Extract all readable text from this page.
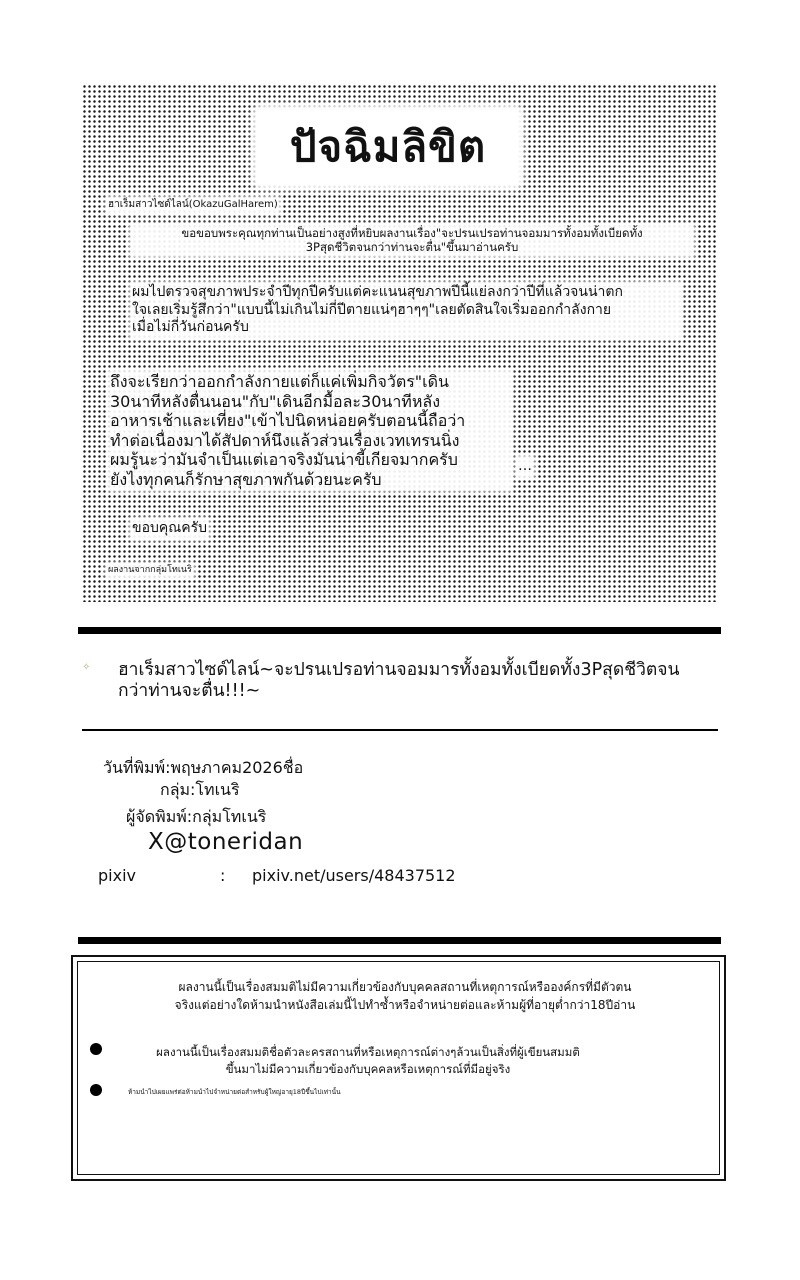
ปัจฉิมลิขิต
ฮาเร็มสาวไซด์ไลน์(OkazuGalHarem)
ขอขอบพระคุณทุกท่านเป็นอย่างสูงที่หยิบผลงานเรื่อง"จะปรนเปรอท่านจอมมารทั้งอมทั้งเบียดทั้ง
3Pสุดชีวิตจนกว่าท่านจะตื่น"ขึ้นมาอ่านครับ
ผมไปตรวจสุขภาพประจำปีทุกปีครับแต่คะแนนสุขภาพปีนี้แย่ลงกว่าปีที่แล้วจนน่าตก
ใจเลยเริ่มรู้สึกว่า"แบบนี้ไม่เกินไม่กี่ปีตายแน่ๆฮาๆๆ"เลยตัดสินใจเริ่มออกกำลังกาย
เมื่อไม่กี่วันก่อนครับ
ถึงจะเรียกว่าออกกำลังกายแต่ก็แค่เพิ่มกิจวัตร"เดิน
30นาทีหลังตื่นนอน"กับ"เดินอีกมื้อละ30นาทีหลัง
อาหารเช้าและเที่ยง"เข้าไปนิดหน่อยครับตอนนี้ถือว่า
ทำต่อเนื่องมาได้สัปดาห์นึงแล้วส่วนเรื่องเวทเทรนนิ่ง
ผมรู้นะว่ามันจำเป็นแต่เอาจริงมันน่าขี้เกียจมากครับ
ยังไงทุกคนก็รักษาสุขภาพกันด้วยนะครับ
…
ขอบคุณครับ
ผลงานจากกลุ่มโทเนริ
✧ ฮาเร็มสาวไซด์ไลน์~จะปรนเปรอท่านจอมมารทั้งอมทั้งเบียดทั้ง3Pสุดชีวิตจน
กว่าท่านจะตื่น!!!~
วันที่พิมพ์:พฤษภาคม2026ชื่อ
กลุ่ม:โทเนริ
ผู้จัดพิมพ์:กลุ่มโทเนริ
X@toneridan
pixiv	: pixiv.net/users/48437512
ผลงานนี้เป็นเรื่องสมมติไม่มีความเกี่ยวข้องกับบุคคลสถานที่เหตุการณ์หรือองค์กรที่มีตัวตน
จริงแต่อย่างใดห้ามนำหนังสือเล่มนี้ไปทำซ้ำหรือจำหน่ายต่อและห้ามผู้ที่อายุต่ำกว่า18ปีอ่าน
ผลงานนี้เป็นเรื่องสมมติชื่อตัวละครสถานที่หรือเหตุการณ์ต่างๆล้วนเป็นสิ่งที่ผู้เขียนสมมติ
ขึ้นมาไม่มีความเกี่ยวข้องกับบุคคลหรือเหตุการณ์ที่มีอยู่จริง
ห้ามนำไปเผยแพร่ต่อห้ามนำไปจำหน่ายต่อสำหรับผู้ใหญ่อายุ18ปีขึ้นไปเท่านั้น
